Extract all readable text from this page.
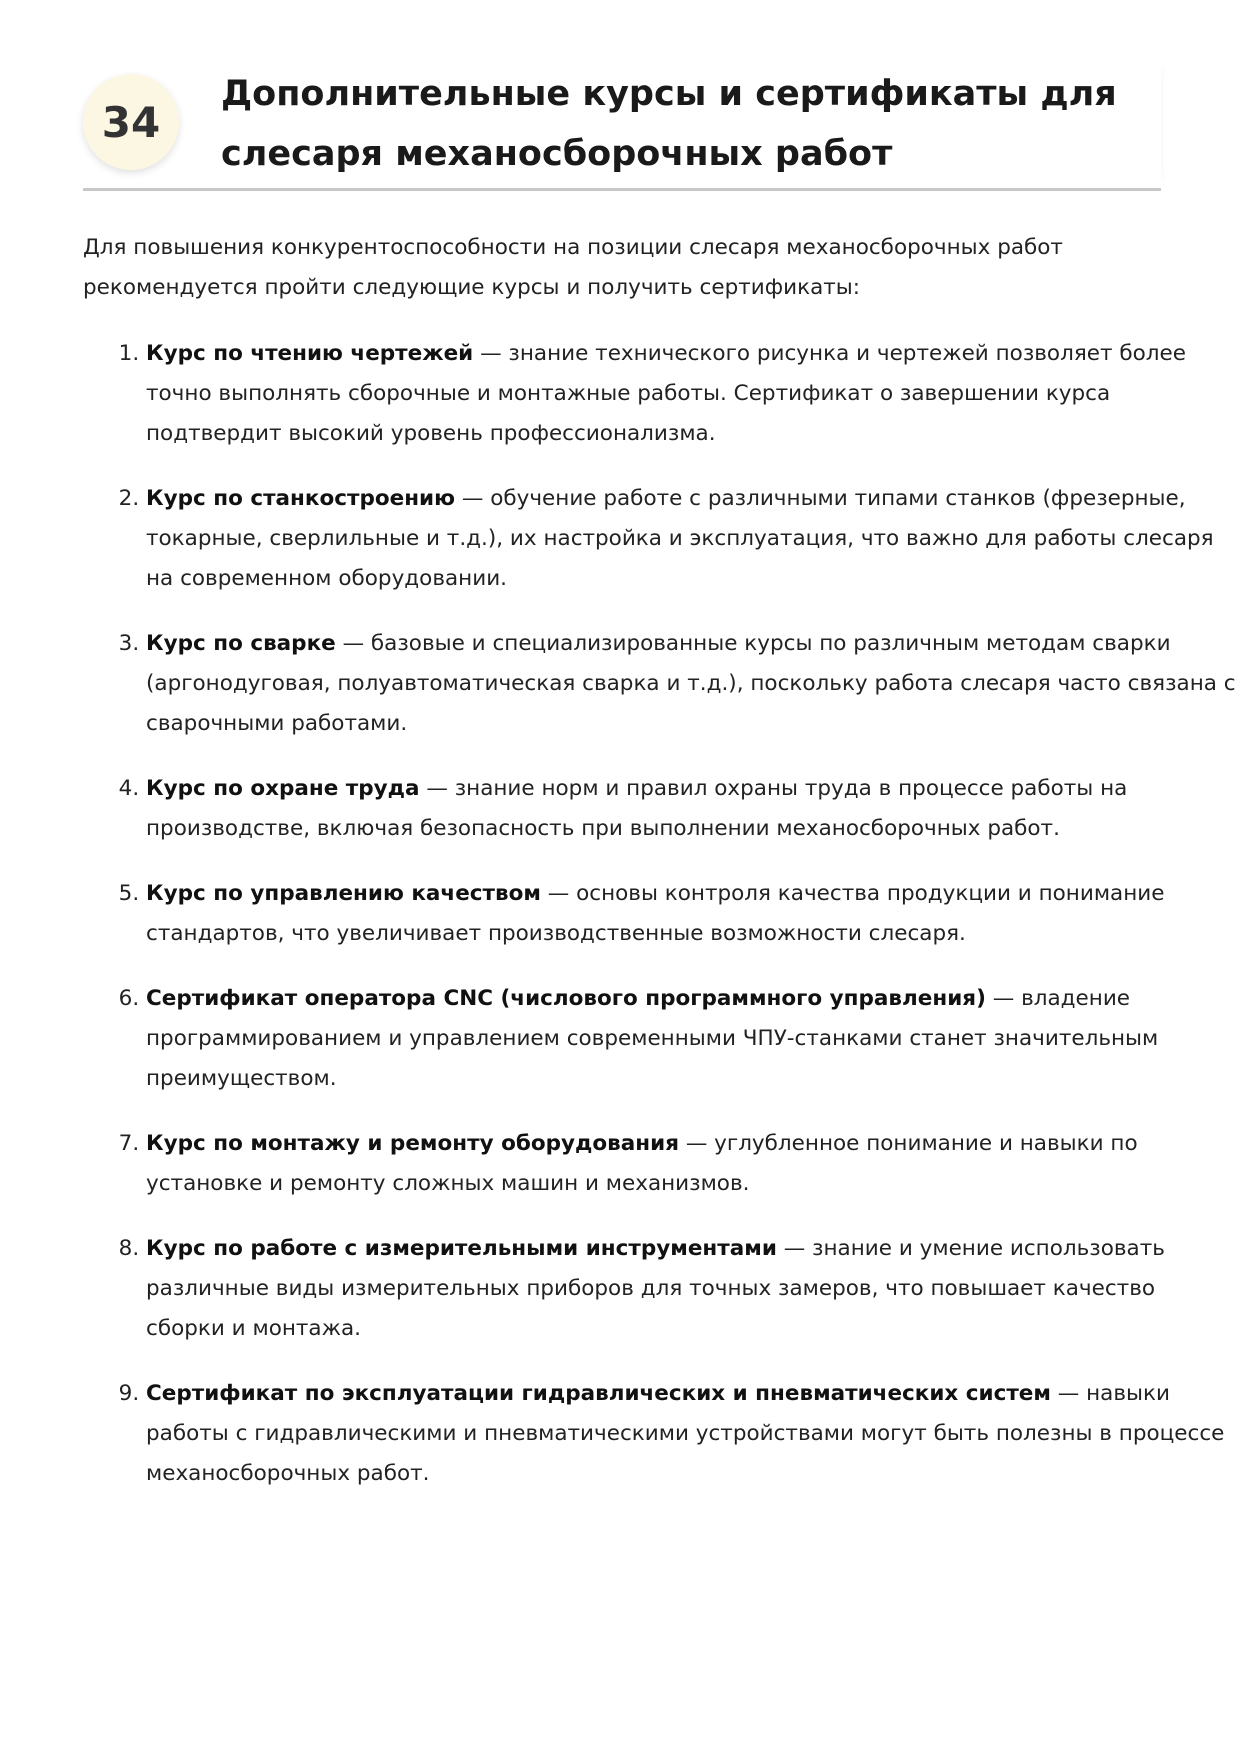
34
Дополнительные курсы и сертификаты для слесаря механосборочных работ

Для повышения конкурентоспособности на позиции слесаря механосборочных работ рекомендуется пройти следующие курсы и получить сертификаты:

1. Курс по чтению чертежей — знание технического рисунка и чертежей позволяет более точно выполнять сборочные и монтажные работы. Сертификат о завершении курса подтвердит высокий уровень профессионализма.
2. Курс по станкостроению — обучение работе с различными типами станков (фрезерные, токарные, сверлильные и т.д.), их настройка и эксплуатация, что важно для работы слесаря на современном оборудовании.
3. Курс по сварке — базовые и специализированные курсы по различным методам сварки (аргонодуговая, полуавтоматическая сварка и т.д.), поскольку работа слесаря часто связана с сварочными работами.
4. Курс по охране труда — знание норм и правил охраны труда в процессе работы на производстве, включая безопасность при выполнении механосборочных работ.
5. Курс по управлению качеством — основы контроля качества продукции и понимание стандартов, что увеличивает производственные возможности слесаря.
6. Сертификат оператора CNC (числового программного управления) — владение программированием и управлением современными ЧПУ-станками станет значительным преимуществом.
7. Курс по монтажу и ремонту оборудования — углубленное понимание и навыки по установке и ремонту сложных машин и механизмов.
8. Курс по работе с измерительными инструментами — знание и умение использовать различные виды измерительных приборов для точных замеров, что повышает качество сборки и монтажа.
9. Сертификат по эксплуатации гидравлических и пневматических систем — навыки работы с гидравлическими и пневматическими устройствами могут быть полезны в процессе механосборочных работ.
